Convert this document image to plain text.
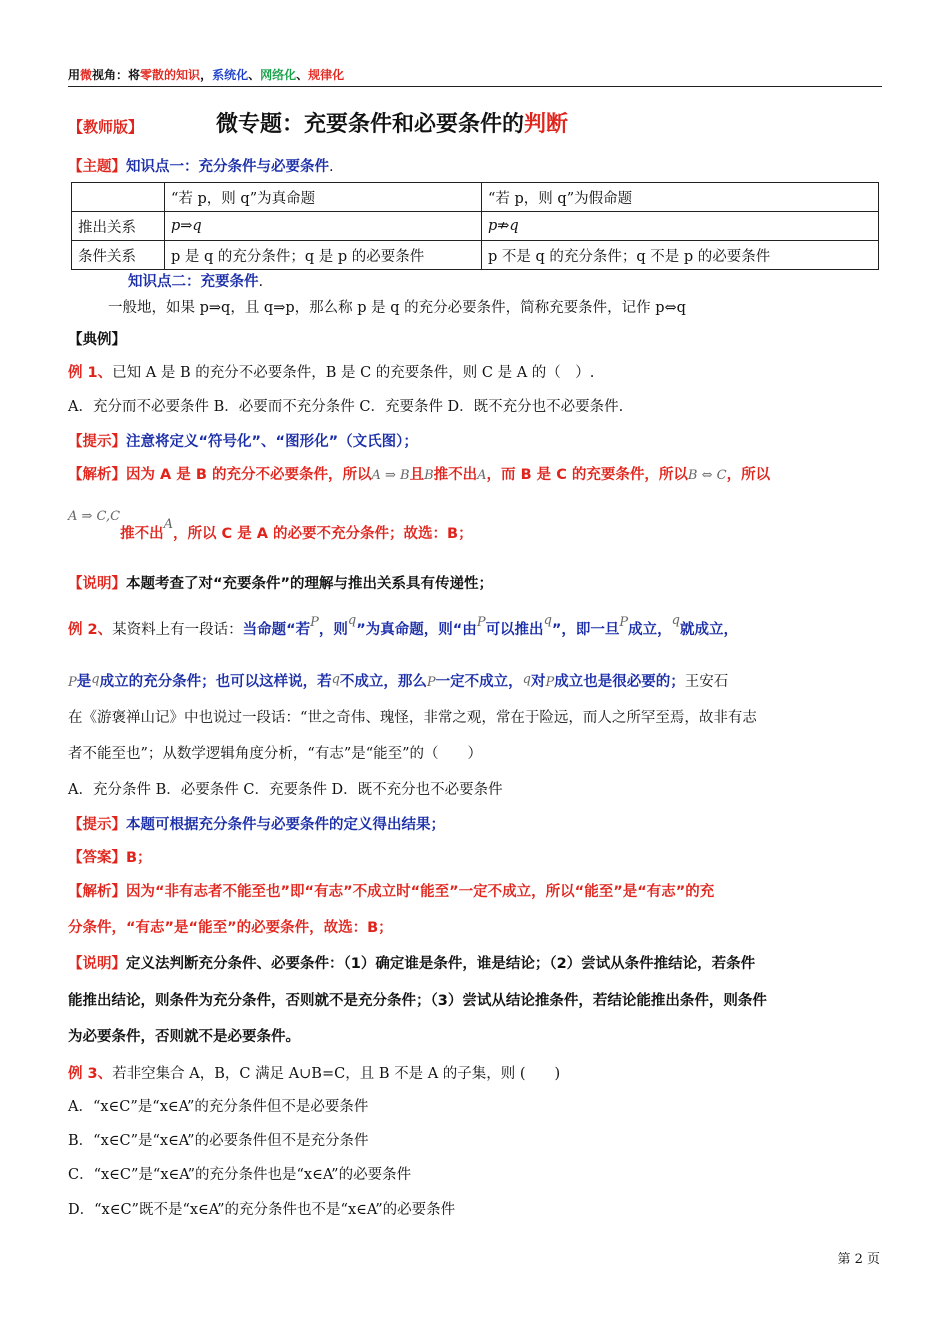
用微视角：将零散的知识，系统化、网络化、规律化
【教师版】	微专题：充要条件和必要条件的判断
【主题】知识点一：充分条件与必要条件.
	“若 p，则 q”为真命题	“若 p，则 q”为假命题
推出关系	p⇒q	p⇏q
条件关系	p 是 q 的充分条件；q 是 p 的必要条件	p 不是 q 的充分条件；q 不是 p 的必要条件
知识点二：充要条件.
一般地，如果 p⇒q，且 q⇒p，那么称 p 是 q 的充分必要条件，简称充要条件，记作 p⇔q
【典例】
例 1、已知 A 是 B 的充分不必要条件，B 是 C 的充要条件，则 C 是 A 的（　）.
A．充分而不必要条件 B．必要而不充分条件 C．充要条件 D．既不充分也不必要条件.
【提示】注意将定义“符号化”、“图形化”（文氏图）；
【解析】因为 A 是 B 的充分不必要条件，所以A ⇒ B且B推不出A，而 B 是 C 的充要条件，所以B ⇔ C，所以
A ⇒ C,C推不出A，所以 C 是 A 的必要不充分条件；故选：B；
【说明】本题考查了对“充要条件”的理解与推出关系具有传递性；
例 2、某资料上有一段话：当命题“若P，则q”为真命题，则“由P可以推出q”，即一旦P成立，q就成立，
P是q成立的充分条件；也可以这样说，若q不成立，那么P一定不成立，q对P成立也是很必要的；王安石
在《游褒禅山记》中也说过一段话：“世之奇伟、瑰怪，非常之观，常在于险远，而人之所罕至焉，故非有志
者不能至也”；从数学逻辑角度分析，“有志”是“能至”的（　　）
A．充分条件 B．必要条件 C．充要条件 D．既不充分也不必要条件
【提示】本题可根据充分条件与必要条件的定义得出结果；
【答案】B；
【解析】因为“非有志者不能至也”即“有志”不成立时“能至”一定不成立，所以“能至”是“有志”的充
分条件，“有志”是“能至”的必要条件，故选：B；
【说明】定义法判断充分条件、必要条件：（1）确定谁是条件，谁是结论；（2）尝试从条件推结论，若条件
能推出结论，则条件为充分条件，否则就不是充分条件；（3）尝试从结论推条件，若结论能推出条件，则条件
为必要条件，否则就不是必要条件。
例 3、若非空集合 A，B，C 满足 A∪B=C，且 B 不是 A 的子集，则 (　　)
A．“x∈C”是“x∈A”的充分条件但不是必要条件
B．“x∈C”是“x∈A”的必要条件但不是充分条件
C．“x∈C”是“x∈A”的充分条件也是“x∈A”的必要条件
D．“x∈C”既不是“x∈A”的充分条件也不是“x∈A”的必要条件
第 2 页
